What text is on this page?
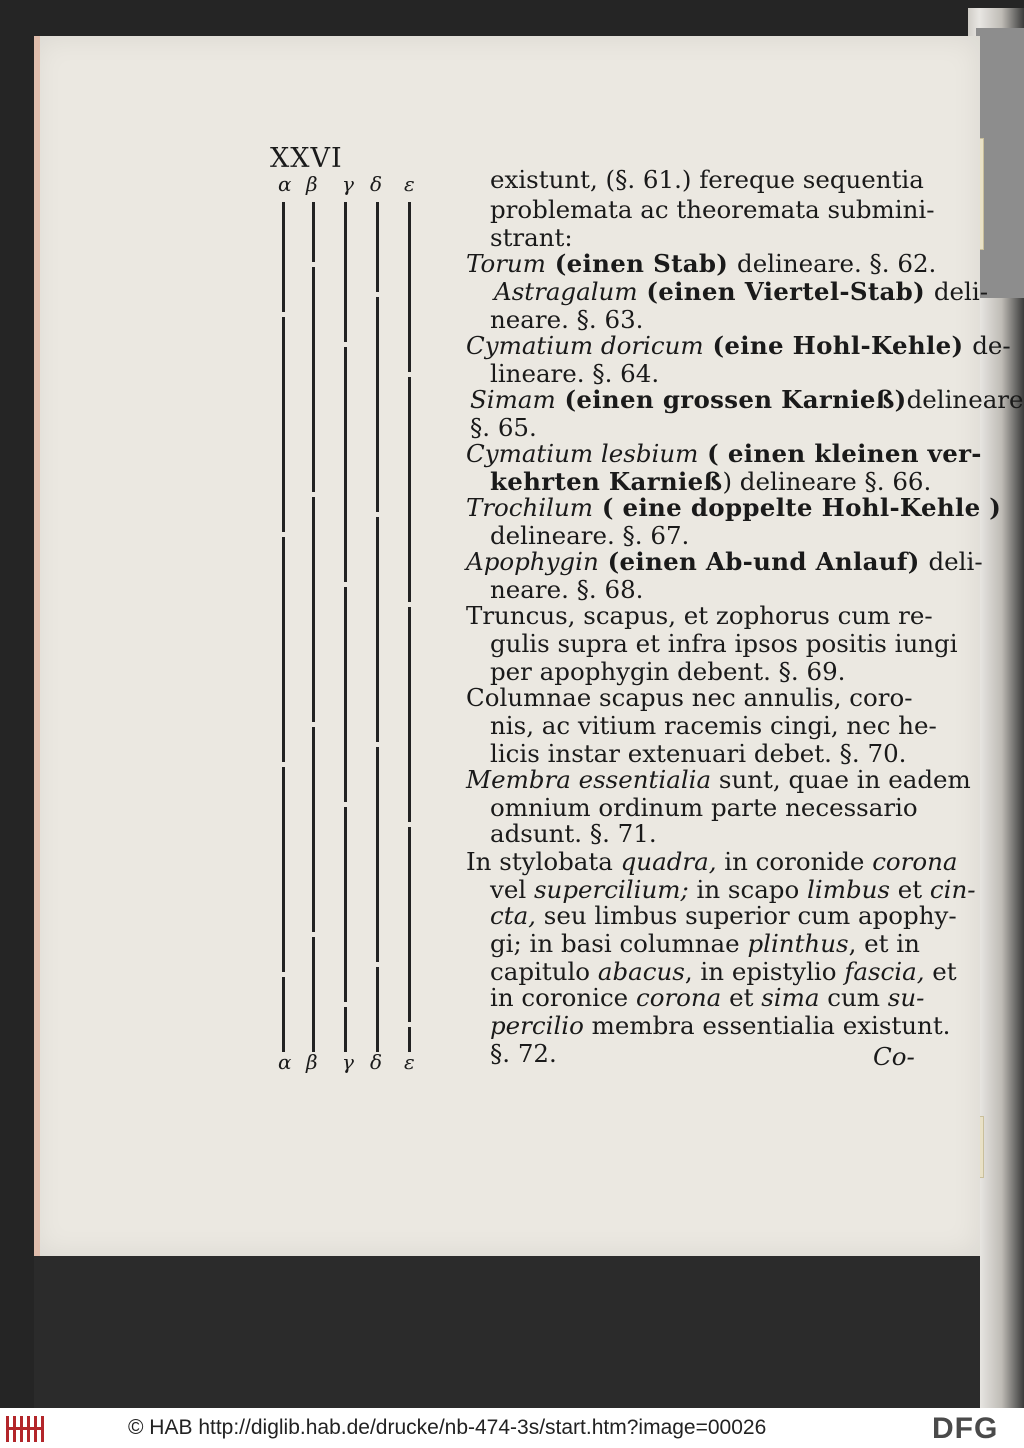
XXVI
α β γ δ ε
α β γ δ ε
existunt, (§. 61.) fereque sequentia
problemata ac theoremata submini-
strant:
Torum (einen Stab) delineare. §. 62.
Astragalum (einen Viertel-Stab) deli-
neare. §. 63.
Cymatium doricum (eine Hohl-Kehle) de-
lineare. §. 64.
Simam (einen grossen Karnieß)delineare
§. 65.
Cymatium lesbium ( einen kleinen ver-
kehrten Karnieß) delineare §. 66.
Trochilum ( eine doppelte Hohl-Kehle )
delineare. §. 67.
Apophygin (einen Ab-und Anlauf) deli-
neare. §. 68.
Truncus, scapus, et zophorus cum re-
gulis supra et infra ipsos positis iungi
per apophygin debent. §. 69.
Columnae scapus nec annulis, coro-
nis, ac vitium racemis cingi, nec he-
licis instar extenuari debet. §. 70.
Membra essentialia sunt, quae in eadem
omnium ordinum parte necessario
adsunt. §. 71.
In stylobata quadra, in coronide corona
vel supercilium; in scapo limbus et cin-
cta, seu limbus superior cum apophy-
gi; in basi columnae plinthus, et in
capitulo abacus, in epistylio fascia, et
in coronice corona et sima cum su-
percilio membra essentialia existunt.
§. 72.	Co-
© HAB http://diglib.hab.de/drucke/nb-474-3s/start.htm?image=00026	DFG
